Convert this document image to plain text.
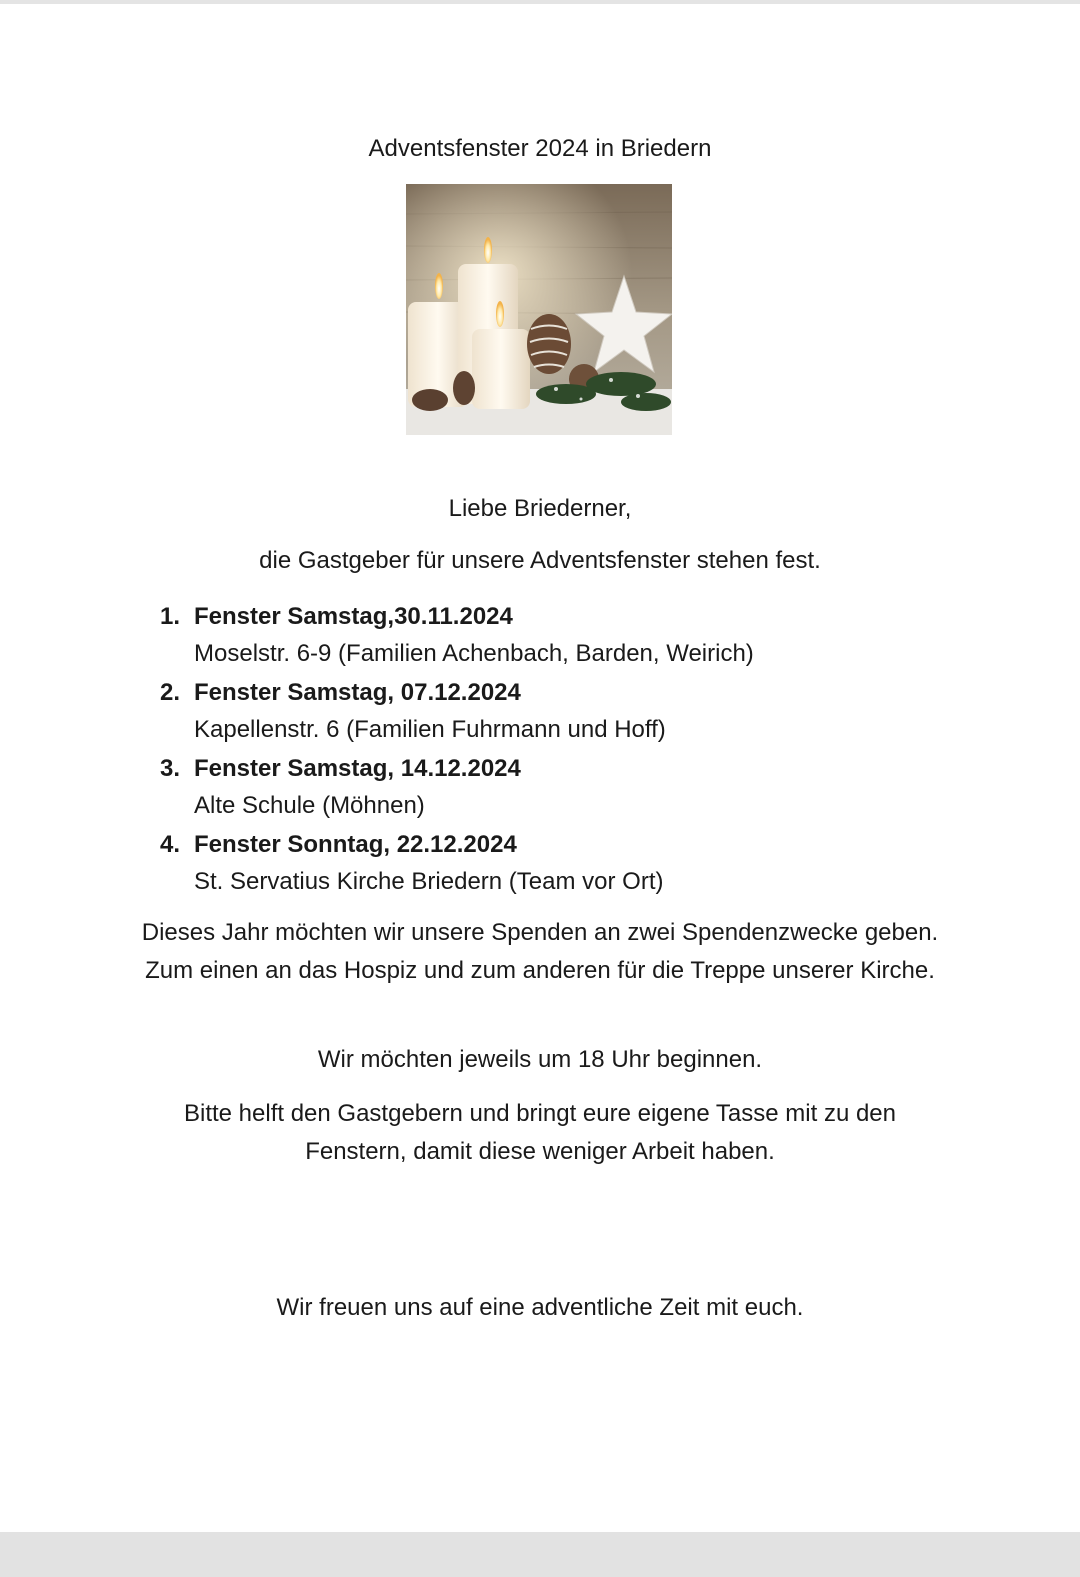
Adventsfenster 2024 in Briedern
Liebe Briederner,
die Gastgeber für unsere Adventsfenster stehen fest.
1. Fenster Samstag,30.11.2024
Moselstr. 6-9 (Familien Achenbach, Barden, Weirich)
2. Fenster Samstag, 07.12.2024
Kapellenstr. 6 (Familien Fuhrmann und Hoff)
3. Fenster Samstag, 14.12.2024
Alte Schule (Möhnen)
4. Fenster Sonntag, 22.12.2024
St. Servatius Kirche Briedern (Team vor Ort)
Dieses Jahr möchten wir unsere Spenden an zwei Spendenzwecke geben. Zum einen an das Hospiz und zum anderen für die Treppe unserer Kirche.
Wir möchten jeweils um 18 Uhr beginnen.
Bitte helft den Gastgebern und bringt eure eigene Tasse mit zu den Fenstern, damit diese weniger Arbeit haben.
Wir freuen uns auf eine adventliche Zeit mit euch.
